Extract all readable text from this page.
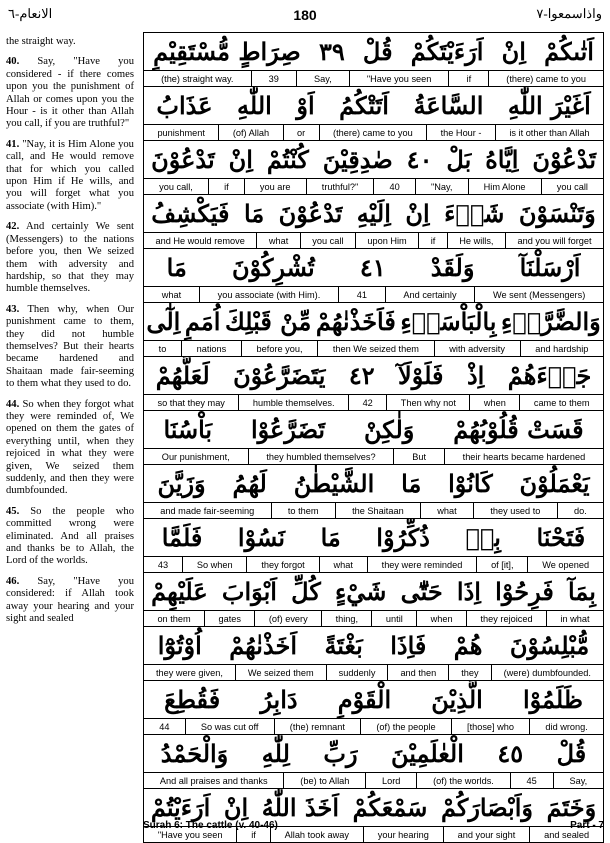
الانعام-٦	180	واذاسمعوا-٧
the straight way.
40. Say, "Have you considered - if there comes upon you the punishment of Allah or comes upon you the Hour - is it other than Allah you call, if you are truthful?"
41. "Nay, it is Him Alone you call, and He would remove that for which you called upon Him if He wills, and you will forget what you associate (with Him)."
42. And certainly We sent (Messengers) to the nations before you, then We seized them with adversity and hardship, so that they may humble themselves.
43. Then why, when Our punishment came to them, they did not humble themselves? But their hearts became hardened and Shaitaan made fair-seeming to them what they used to do.
44. So when they forgot what they were reminded of, We opened on them the gates of everything until, when they rejoiced in what they were given, We seized them suddenly, and then they were dumbfounded.
45. So the people who committed wrong were eliminated. And all praises and thanks be to Allah, the Lord of the worlds.
46. Say, "Have you considered: if Allah took away your hearing and your sight and sealed
صِرَاطٍ مُّسْتَقِيْمٍ ٣٩ قُلْ اَرَءَيْتَكُمْ اِنْ اَتٰىكُمْ
(the) straight way.	39	Say,	"Have you seen	if	(there) came to you
عَذَابُ اللّٰهِ اَوْ اَتَتْكُمُ السَّاعَةُ اَغَيْرَ اللّٰهِ
punishment	(of) Allah	or	(there) came to you	the Hour -	is it other than Allah
تَدْعُوْنَ اِنْ كُنْتُمْ صٰدِقِيْنَ ٤٠ بَلْ اِيَّاهُ تَدْعُوْنَ
you call,	if	you are	truthful?"	40	"Nay,	Him Alone	you call
فَيَكْشِفُ مَا تَدْعُوْنَ اِلَيْهِ اِنْ شَاۤءَ وَتَنْسَوْنَ
and He would remove	what	you call	upon Him	if	He wills,	and you will forget
مَا تُشْرِكُوْنَ ٤١ وَلَقَدْ اَرْسَلْنَآ
what	you associate (with Him).	41	And certainly	We sent (Messengers)
اِلٰٓى اُمَمٍ مِّنْ قَبْلِكَ فَاَخَذْنٰهُمْ بِالْبَاْسَاۤءِ وَالضَّرَّاۤءِ
to	nations	before you,	then We seized them	with adversity	and hardship
لَعَلَّهُمْ يَتَضَرَّعُوْنَ ٤٢ فَلَوْلَآ اِذْ جَاۤءَهُمْ
so that they may	humble themselves.	42	Then why not	when	came to them
بَاْسُنَا تَضَرَّعُوْا وَلٰكِنْ قَسَتْ قُلُوْبُهُمْ
Our punishment,	they humbled themselves?	But	their hearts became hardened
وَزَيَّنَ لَهُمُ الشَّيْطٰنُ مَا كَانُوْا يَعْمَلُوْنَ
and made fair-seeming	to them	the Shaitaan	what	they used to	do.
فَلَمَّا نَسُوْا مَا ذُكِّرُوْا بِهٖ فَتَحْنَا
43	So when	they forgot	what	they were reminded	of [it],	We opened
عَلَيْهِمْ اَبْوَابَ كُلِّ شَيْءٍ حَتّٰٓى اِذَا فَرِحُوْا بِمَآ
on them	gates	(of) every	thing,	until	when	they rejoiced	in what
اُوْتُوْٓا اَخَذْنٰهُمْ بَغْتَةً فَاِذَا هُمْ مُّبْلِسُوْنَ
they were given,	We seized them	suddenly	and then	they	(were) dumbfounded.
فَقُطِعَ دَابِرُ الْقَوْمِ الَّذِيْنَ ظَلَمُوْا
44	So was cut off	(the) remnant	(of) the people	[those] who	did wrong.
وَالْحَمْدُ لِلّٰهِ رَبِّ الْعٰلَمِيْنَ ٤٥ قُلْ
And all praises and thanks	(be) to Allah	Lord	(of) the worlds.	45	Say,
اَرَءَيْتُمْ اِنْ اَخَذَ اللّٰهُ سَمْعَكُمْ وَاَبْصَارَكُمْ وَخَتَمَ
"Have you seen	if	Allah took away	your hearing	and your sight	and sealed
Surah 6: The cattle (v. 40-46)	Part - 7
